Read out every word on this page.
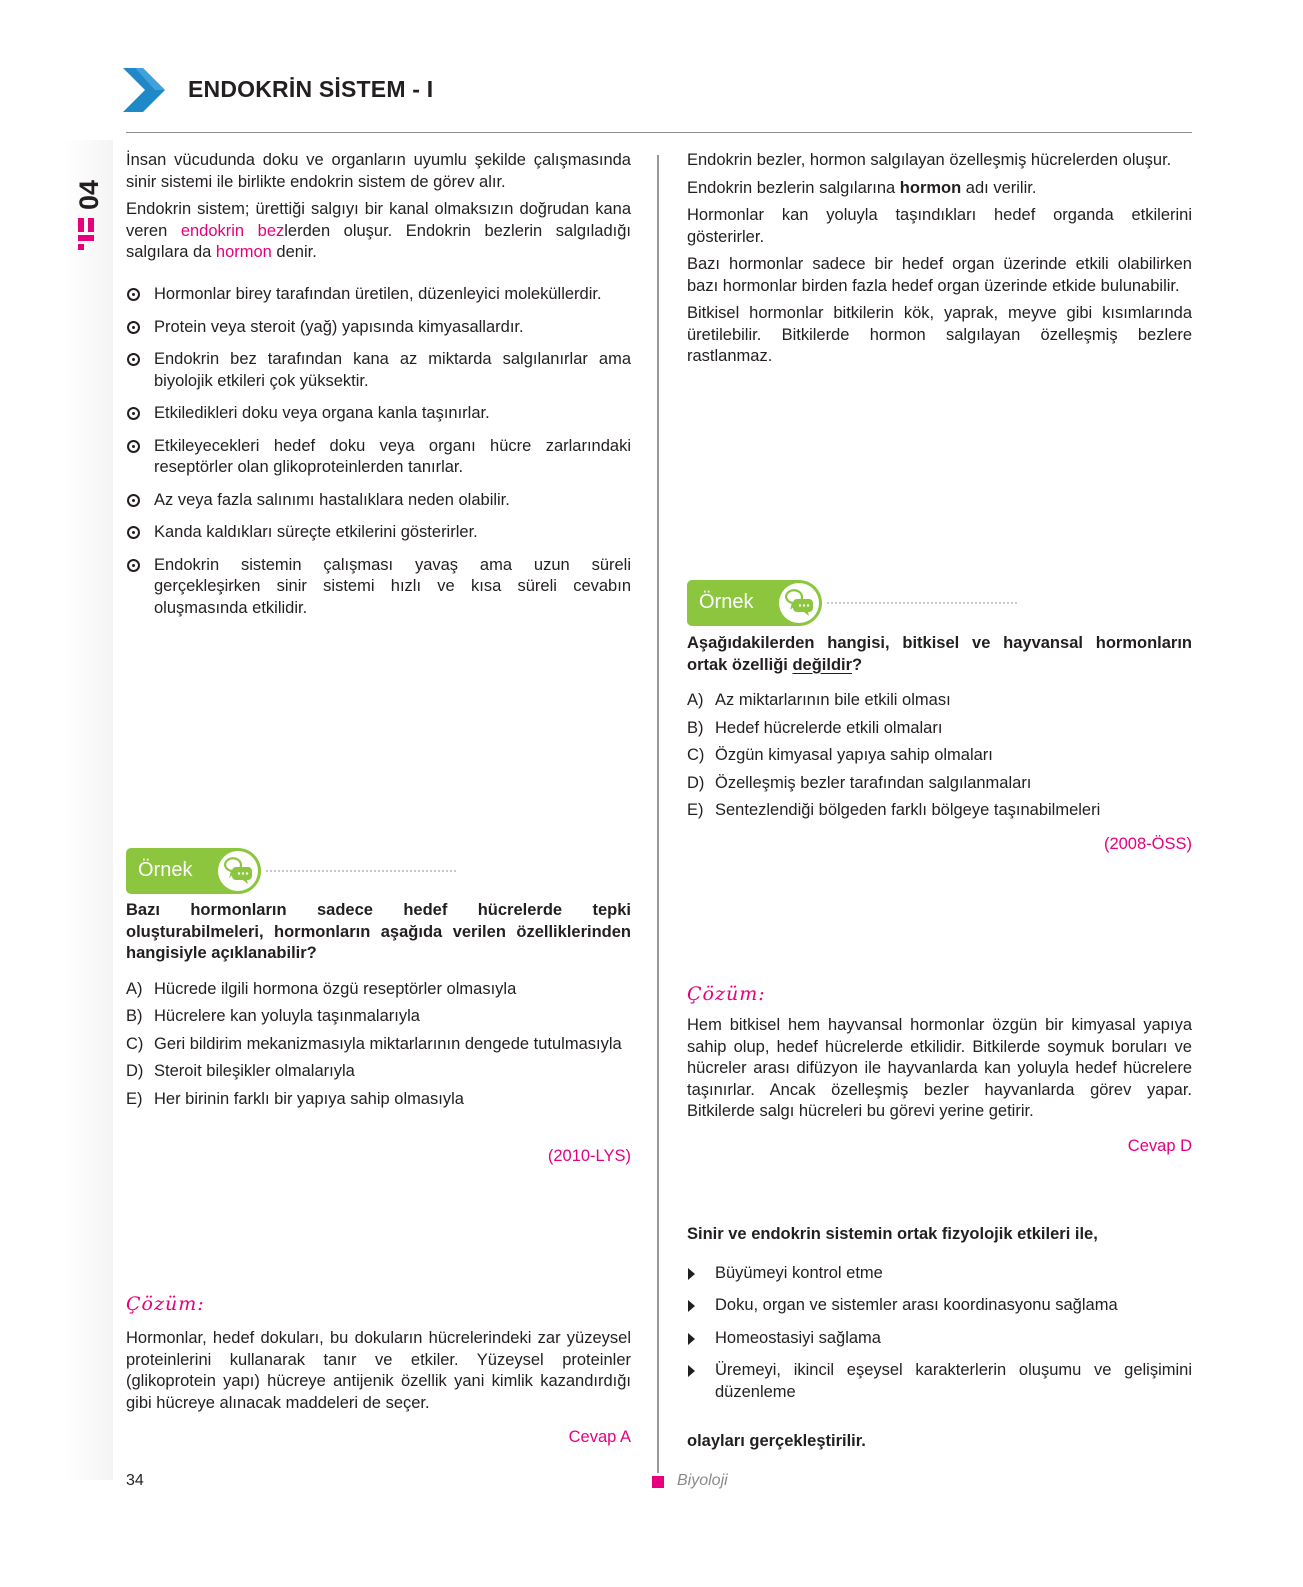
04
ENDOKRİN SİSTEM - I

İnsan vücudunda doku ve organların uyumlu şekilde çalışmasında sinir sistemi ile birlikte endokrin sistem de görev alır.

Endokrin sistem; ürettiği salgıyı bir kanal olmaksızın doğrudan kana veren endokrin bezlerden oluşur. Endokrin bezlerin salgıladığı salgılara da hormon denir.

Hormonlar birey tarafından üretilen, düzenleyici moleküllerdir.
Protein veya steroit (yağ) yapısında kimyasallardır.
Endokrin bez tarafından kana az miktarda salgılanırlar ama biyolojik etkileri çok yüksektir.
Etkiledikleri doku veya organa kanla taşınırlar.
Etkileyecekleri hedef doku veya organı hücre zarlarındaki reseptörler olan glikoproteinlerden tanırlar.
Az veya fazla salınımı hastalıklara neden olabilir.
Kanda kaldıkları süreçte etkilerini gösterirler.
Endokrin sistemin çalışması yavaş ama uzun süreli gerçekleşirken sinir sistemi hızlı ve kısa süreli cevabın oluşmasında etkilidir.
Örnek

Bazı hormonların sadece hedef hücrelerde tepki oluşturabilmeleri, hormonların aşağıda verilen özelliklerinden hangisiyle açıklanabilir?

A) Hücrede ilgili hormona özgü reseptörler olmasıyla
B) Hücrelere kan yoluyla taşınmalarıyla
C) Geri bildirim mekanizmasıyla miktarlarının dengede tutulmasıyla
D) Steroit bileşikler olmalarıyla
E) Her birinin farklı bir yapıya sahip olmasıyla
(2010-LYS)
Çözüm:

Hormonlar, hedef dokuları, bu dokuların hücrelerindeki zar yüzeysel proteinlerini kullanarak tanır ve etkiler. Yüzeysel proteinler (glikoprotein yapı) hücreye antijenik özellik yani kimlik kazandırdığı gibi hücreye alınacak maddeleri de seçer.

Cevap A

Endokrin bezler, hormon salgılayan özelleşmiş hücrelerden oluşur.

Endokrin bezlerin salgılarına hormon adı verilir.

Hormonlar kan yoluyla taşındıkları hedef organda etkilerini gösterirler.

Bazı hormonlar sadece bir hedef organ üzerinde etkili olabilirken bazı hormonlar birden fazla hedef organ üzerinde etkide bulunabilir.

Bitkisel hormonlar bitkilerin kök, yaprak, meyve gibi kısımlarında üretilebilir. Bitkilerde hormon salgılayan özelleşmiş bezlere rastlanmaz.

Örnek

Aşağıdakilerden hangisi, bitkisel ve hayvansal hormonların ortak özelliği değildir?

A) Az miktarlarının bile etkili olması
B) Hedef hücrelerde etkili olmaları
C) Özgün kimyasal yapıya sahip olmaları
D) Özelleşmiş bezler tarafından salgılanmaları
E) Sentezlendiği bölgeden farklı bölgeye taşınabilmeleri
(2008-ÖSS)
Çözüm:

Hem bitkisel hem hayvansal hormonlar özgün bir kimyasal yapıya sahip olup, hedef hücrelerde etkilidir. Bitkilerde soymuk boruları ve hücreler arası difüzyon ile hayvanlarda kan yoluyla hedef hücrelere taşınırlar. Ancak özelleşmiş bezler hayvanlarda görev yapar. Bitkilerde salgı hücreleri bu görevi yerine getirir.

Cevap D

Sinir ve endokrin sistemin ortak fizyolojik etkileri ile,

Büyümeyi kontrol etme
Doku, organ ve sistemler arası koordinasyonu sağlama
Homeostasiyi sağlama
Üremeyi, ikincil eşeysel karakterlerin oluşumu ve gelişimini düzenleme

olayları gerçekleştirilir.

34	Biyoloji
